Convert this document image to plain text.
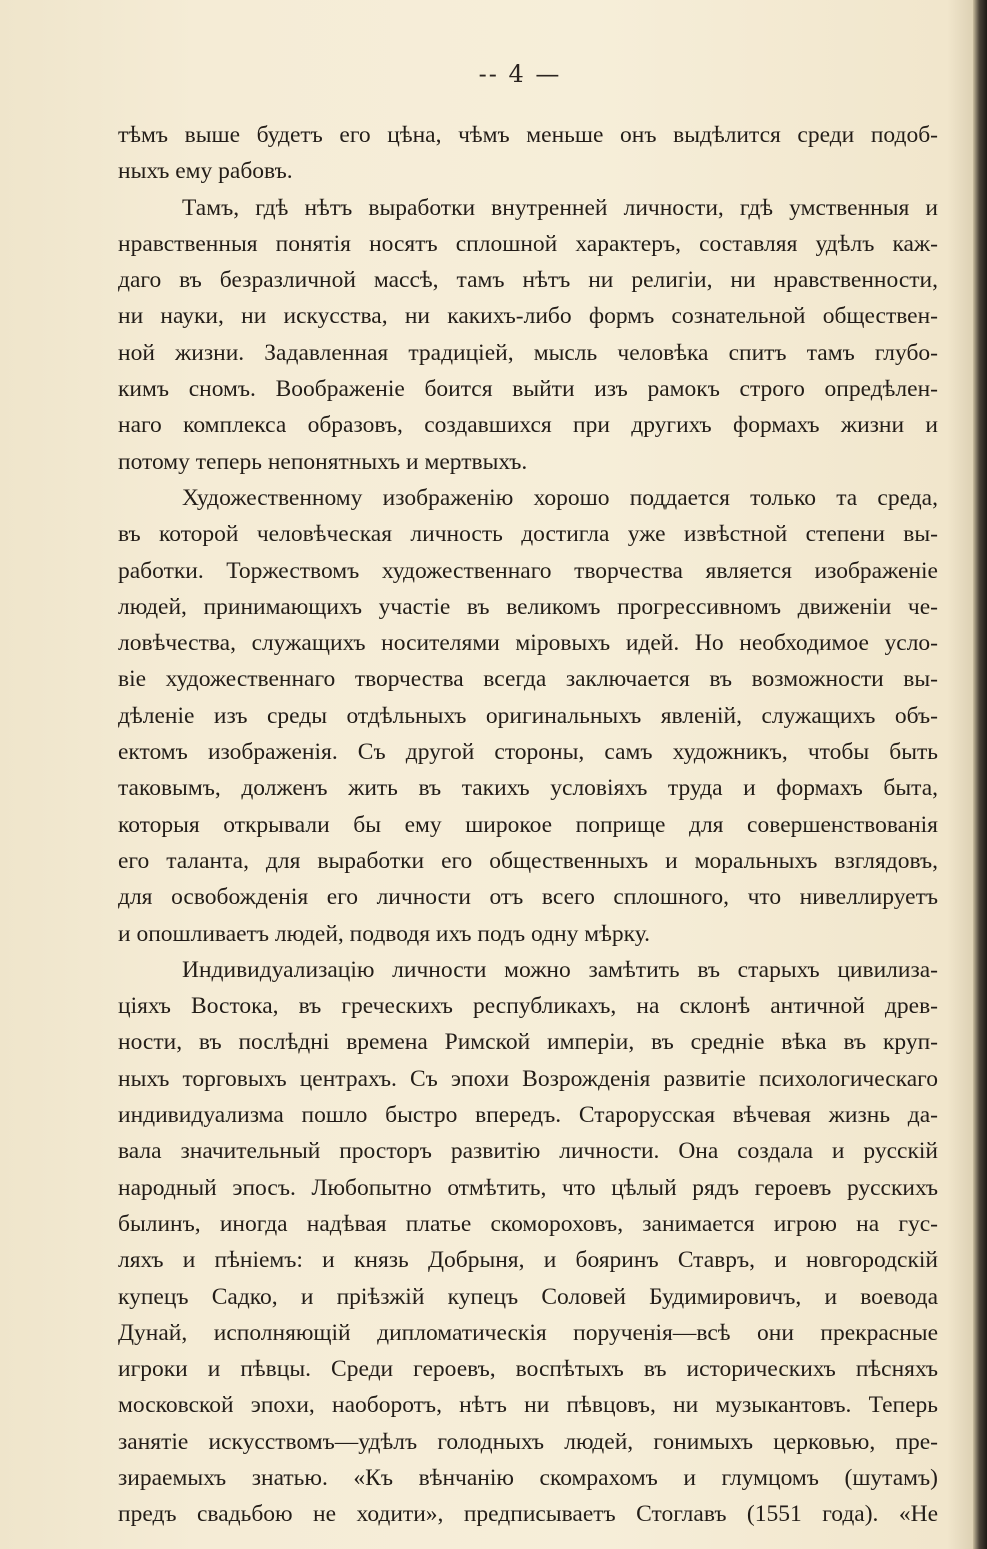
-- 4 —
тѣмъ выше будетъ его цѣна, чѣмъ меньше онъ выдѣлится среди подоб-
ныхъ ему рабовъ.
Тамъ, гдѣ нѣтъ выработки внутренней личности, гдѣ умственныя и
нравственныя понятія носятъ сплошной характеръ, составляя удѣлъ каж-
даго въ безразличной массѣ, тамъ нѣтъ ни религіи, ни нравственности,
ни науки, ни искусства, ни какихъ-либо формъ сознательной обществен-
ной жизни. Задавленная традиціей, мысль человѣка спитъ тамъ глубо-
кимъ сномъ. Воображеніе боится выйти изъ рамокъ строго опредѣлен-
наго комплекса образовъ, создавшихся при другихъ формахъ жизни и
потому теперь непонятныхъ и мертвыхъ.
Художественному изображенію хорошо поддается только та среда,
въ которой человѣческая личность достигла уже извѣстной степени вы-
работки. Торжествомъ художественнаго творчества является изображеніе
людей, принимающихъ участіе въ великомъ прогрессивномъ движеніи че-
ловѣчества, служащихъ носителями міровыхъ идей. Но необходимое усло-
віе художественнаго творчества всегда заключается въ возможности вы-
дѣленіе изъ среды отдѣльныхъ оригинальныхъ явленій, служащихъ объ-
ектомъ изображенія. Съ другой стороны, самъ художникъ, чтобы быть
таковымъ, долженъ жить въ такихъ условіяхъ труда и формахъ быта,
которыя открывали бы ему широкое поприще для совершенствованія
его таланта, для выработки его общественныхъ и моральныхъ взглядовъ,
для освобожденія его личности отъ всего сплошного, что нивеллируетъ
и опошливаетъ людей, подводя ихъ подъ одну мѣрку.
Индивидуализацію личности можно замѣтить въ старыхъ цивилиза-
ціяхъ Востока, въ греческихъ республикахъ, на склонѣ античной древ-
ности, въ послѣдні времена Римской имперіи, въ средніе вѣка въ круп-
ныхъ торговыхъ центрахъ. Съ эпохи Возрожденія развитіе психологическаго
индивидуализма пошло быстро впередъ. Старорусская вѣчевая жизнь да-
вала значительный просторъ развитію личности. Она создала и русскій
народный эпосъ. Любопытно отмѣтить, что цѣлый рядъ героевъ русскихъ
былинъ, иногда надѣвая платье скомороховъ, занимается игрою на гус-
ляхъ и пѣніемъ: и князь Добрыня, и бояринъ Ставръ, и новгородскій
купецъ Садко, и пріѣзжій купецъ Соловей Будимировичъ, и воевода
Дунай, исполняющій дипломатическія порученія—всѣ они прекрасные
игроки и пѣвцы. Среди героевъ, воспѣтыхъ въ историческихъ пѣсняхъ
московской эпохи, наоборотъ, нѣтъ ни пѣвцовъ, ни музыкантовъ. Теперь
занятіе искусствомъ—удѣлъ голодныхъ людей, гонимыхъ церковью, пре-
зираемыхъ знатью. «Къ вѣнчанію скомрахомъ и глумцомъ (шутамъ)
предъ свадьбою не ходити», предписываетъ Стоглавъ (1551 года). «Не
